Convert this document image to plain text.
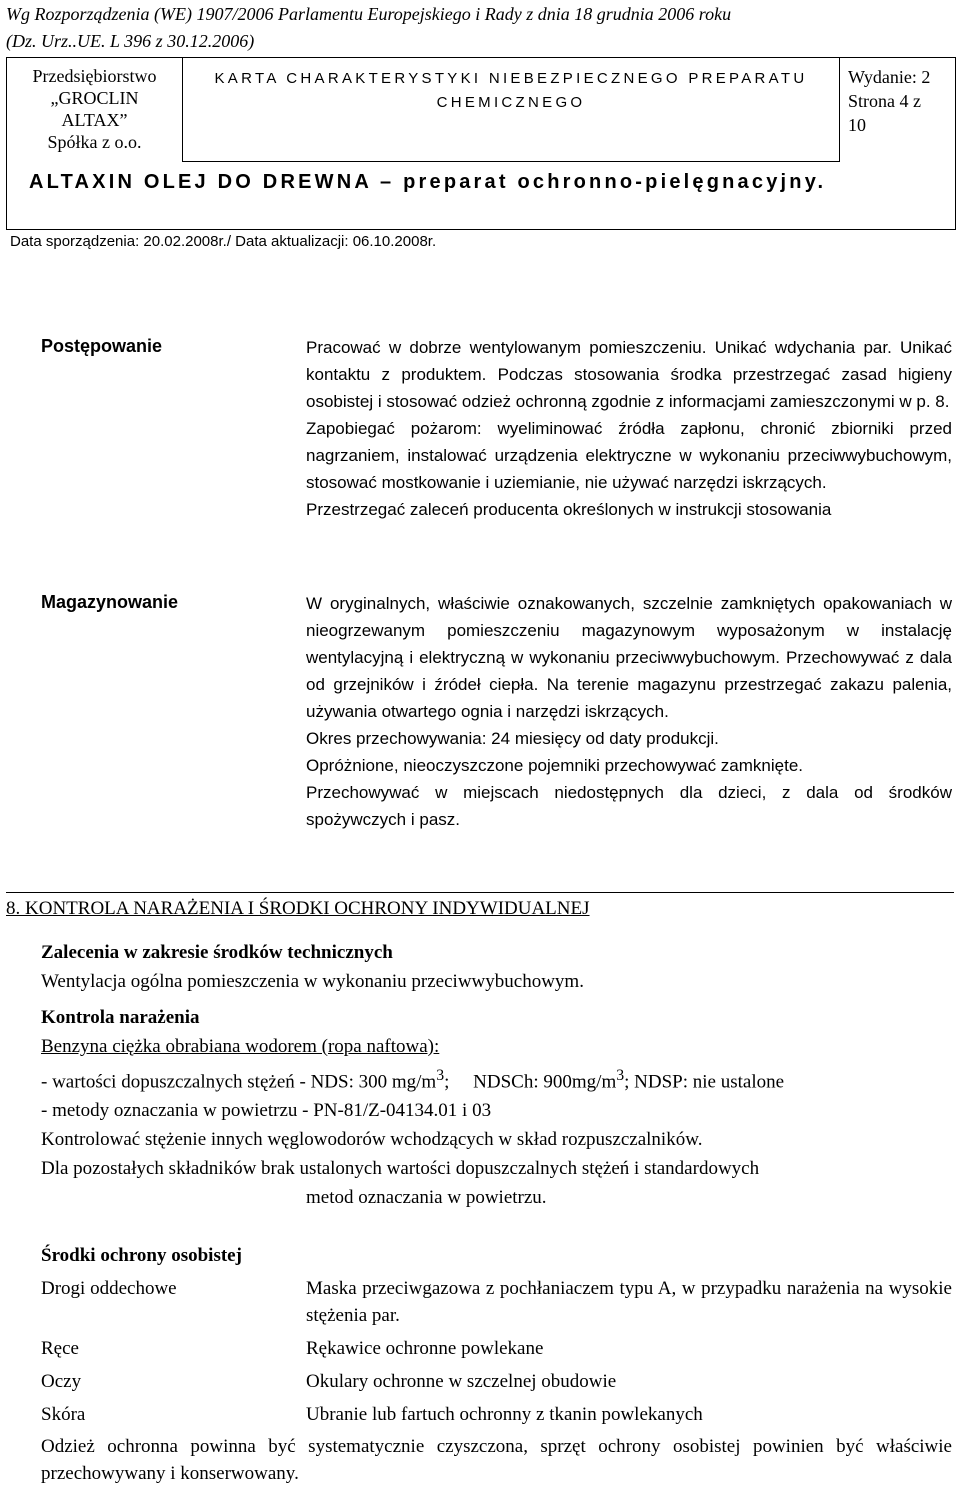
Wg Rozporządzenia (WE) 1907/2006 Parlamentu Europejskiego i Rady z dnia 18 grudnia 2006 roku
(Dz. Urz..UE. L 396 z 30.12.2006)
Przedsiębiorstwo
„GROCLIN
ALTAX”
Spółka z o.o.
KARTA CHARAKTERYSTYKI NIEBEZPIECZNEGO PREPARATU
CHEMICZNEGO
Wydanie: 2
Strona 4 z
10
ALTAXIN OLEJ DO DREWNA – preparat ochronno-pielęgnacyjny.
Data sporządzenia: 20.02.2008r./ Data aktualizacji: 06.10.2008r.
Postępowanie	Pracować w dobrze wentylowanym pomieszczeniu. Unikać wdychania par. Unikać kontaktu z produktem. Podczas stosowania środka przestrzegać zasad higieny osobistej i stosować odzież ochronną zgodnie z informacjami zamieszczonymi w p. 8.

Zapobiegać pożarom: wyeliminować źródła zapłonu, chronić zbiorniki przed nagrzaniem, instalować urządzenia elektryczne w wykonaniu przeciwwybuchowym, stosować mostkowanie i uziemianie, nie używać narzędzi iskrzących.

Przestrzegać zaleceń producenta określonych w instrukcji stosowania

Magazynowanie	W oryginalnych, właściwie oznakowanych, szczelnie zamkniętych opakowaniach w nieogrzewanym pomieszczeniu magazynowym wyposażonym w instalację wentylacyjną i elektryczną w wykonaniu przeciwwybuchowym. Przechowywać z dala od grzejników i źródeł ciepła. Na terenie magazynu przestrzegać zakazu palenia, używania otwartego ognia i narzędzi iskrzących.

Okres przechowywania: 24 miesięcy od daty produkcji.

Opróżnione, nieoczyszczone pojemniki przechowywać zamknięte.

Przechowywać w miejscach niedostępnych dla dzieci, z dala od środków spożywczych i pasz.

8. KONTROLA NARAŻENIA I ŚRODKI OCHRONY INDYWIDUALNEJ

Zalecenia w zakresie środków technicznych

Wentylacja ogólna pomieszczenia w wykonaniu przeciwwybuchowym.

Kontrola narażenia

Benzyna ciężka obrabiana wodorem (ropa naftowa):

- wartości dopuszczalnych stężeń - NDS: 300 $mg/m^3$;     NDSCh: $900mg/m^3$; NDSP: nie ustalone

- metody oznaczania w powietrzu - PN-81/Z-04134.01 i 03

Kontrolować stężenie innych węglowodorów wchodzących w skład rozpuszczalników.

Dla pozostałych składników brak ustalonych wartości dopuszczalnych stężeń i standardowych
metod oznaczania w powietrzu.

Środki ochrony osobistej

Drogi oddechowe	Maska przeciwgazowa z pochłaniaczem typu A, w przypadku narażenia na wysokie stężenia par.
Ręce	Rękawice ochronne powlekane
Oczy	Okulary ochronne w szczelnej obudowie
Skóra	Ubranie lub fartuch ochronny z tkanin powlekanych

Odzież ochronna powinna być systematycznie czyszczona, sprzęt ochrony osobistej powinien być właściwie przechowywany i konserwowany.
